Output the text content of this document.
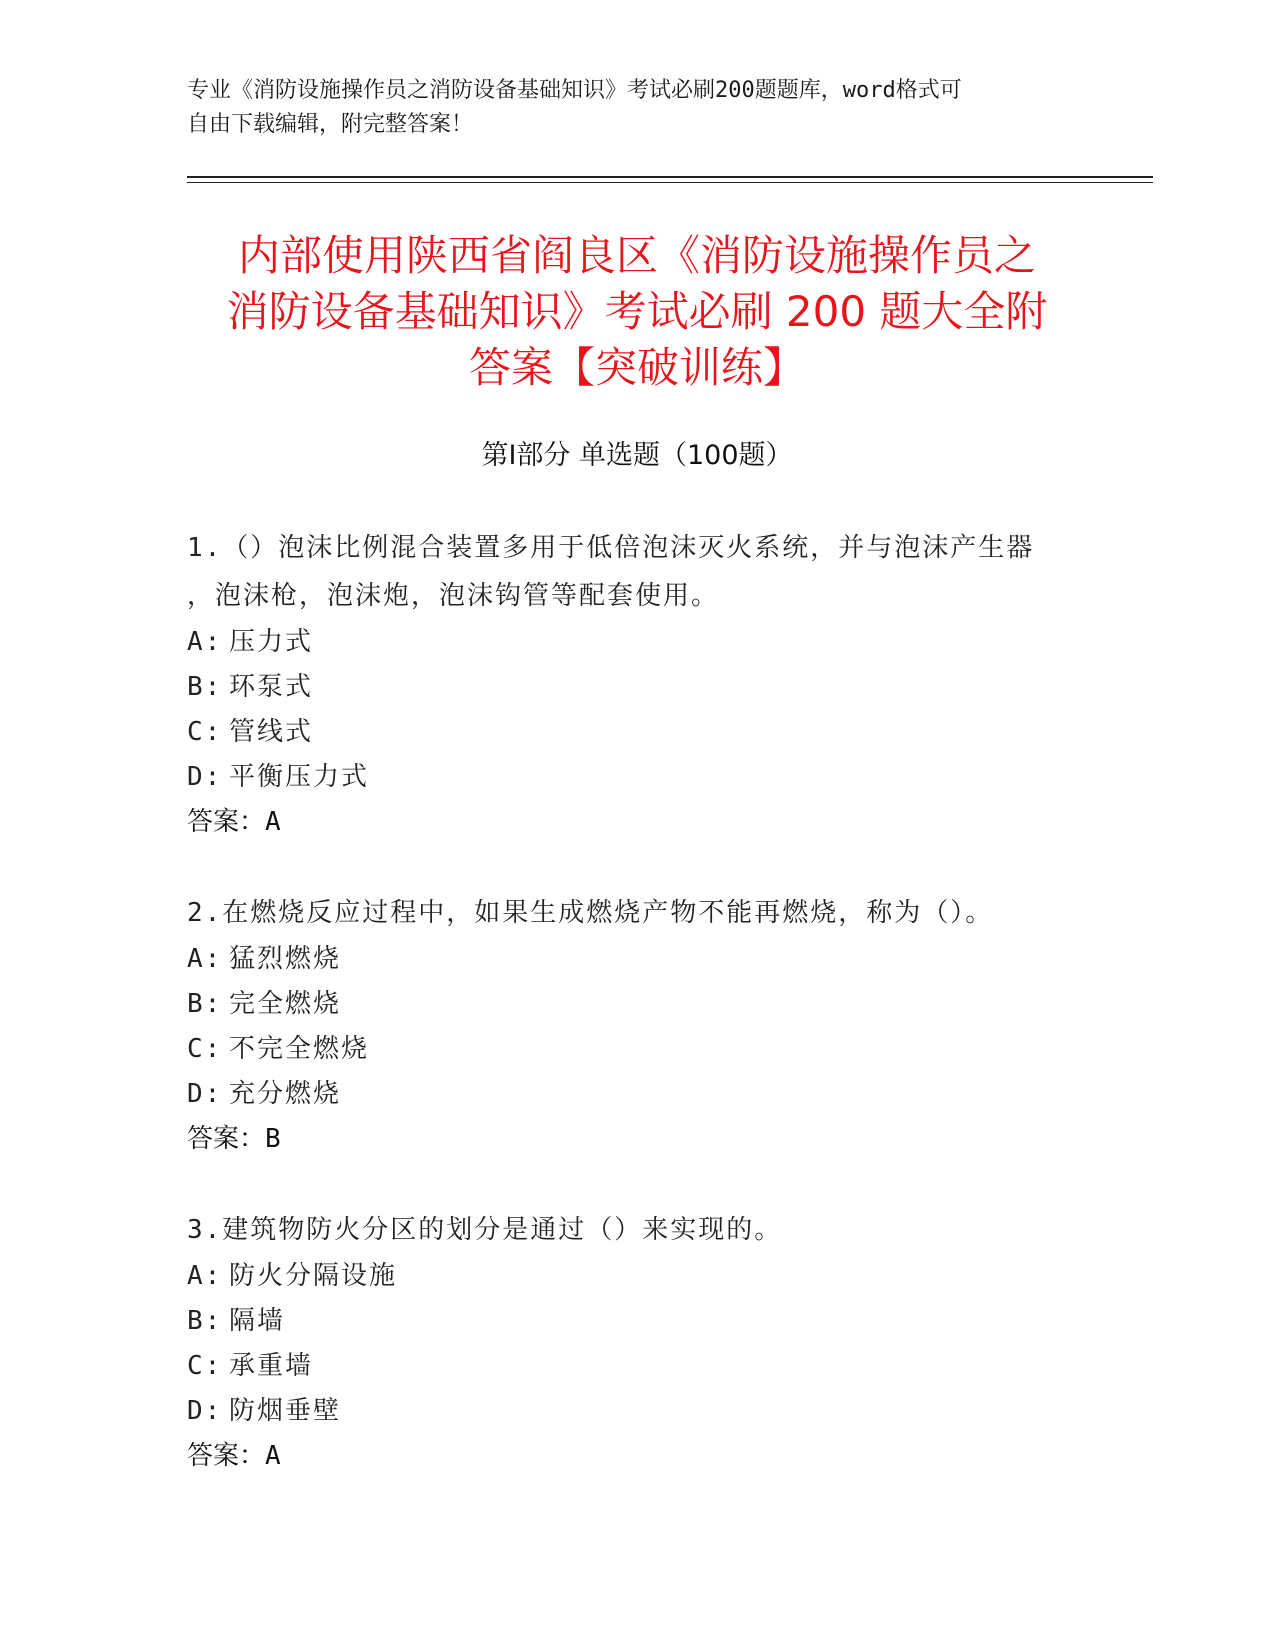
专业《消防设施操作员之消防设备基础知识》考试必刷200题题库，word格式可
自由下载编辑，附完整答案！
内部使用陕西省阎良区《消防设施操作员之
消防设备基础知识》考试必刷 200 题大全附
答案【突破训练】
第Ⅰ部分 单选题（100题）
1.（）泡沫比例混合装置多用于低倍泡沫灭火系统，并与泡沫产生器
，泡沫枪，泡沫炮，泡沫钩管等配套使用。
A: 压力式
B: 环泵式
C: 管线式
D: 平衡压力式
答案：A
2.在燃烧反应过程中，如果生成燃烧产物不能再燃烧，称为（）。
A: 猛烈燃烧
B: 完全燃烧
C: 不完全燃烧
D: 充分燃烧
答案：B
3.建筑物防火分区的划分是通过（）来实现的。
A: 防火分隔设施
B: 隔墙
C: 承重墙
D: 防烟垂壁
答案：A
